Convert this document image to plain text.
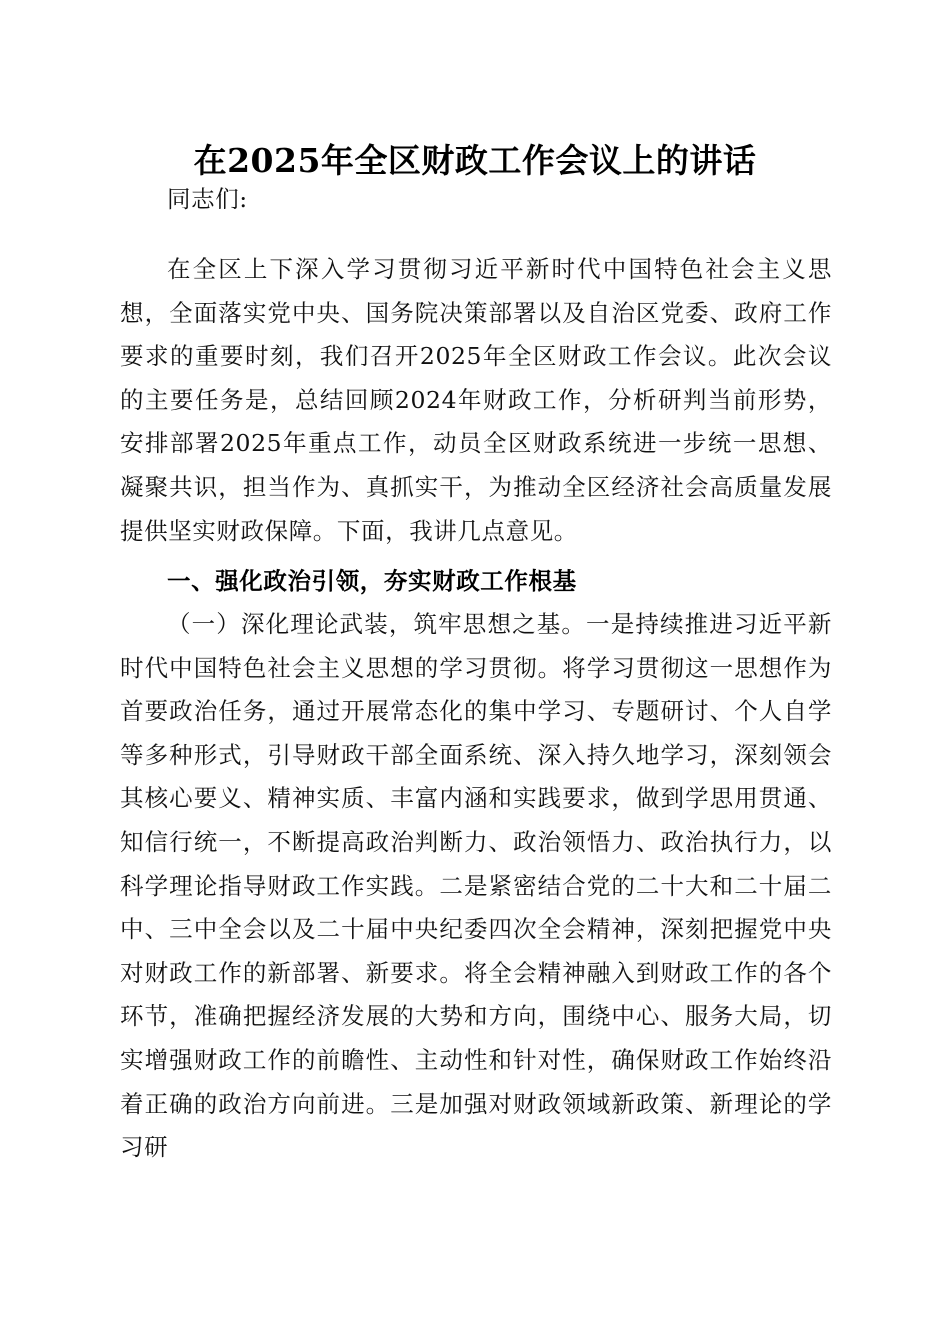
在2025年全区财政工作会议上的讲话
同志们:
在全区上下深入学习贯彻习近平新时代中国特色社会主义思想，全面落实党中央、国务院决策部署以及自治区党委、政府工作要求的重要时刻，我们召开2025年全区财政工作会议。此次会议的主要任务是，总结回顾2024年财政工作，分析研判当前形势，安排部署2025年重点工作，动员全区财政系统进一步统一思想、凝聚共识，担当作为、真抓实干，为推动全区经济社会高质量发展提供坚实财政保障。下面，我讲几点意见。
一、强化政治引领，夯实财政工作根基
（一）深化理论武装，筑牢思想之基。一是持续推进习近平新时代中国特色社会主义思想的学习贯彻。将学习贯彻这一思想作为首要政治任务，通过开展常态化的集中学习、专题研讨、个人自学等多种形式，引导财政干部全面系统、深入持久地学习，深刻领会其核心要义、精神实质、丰富内涵和实践要求，做到学思用贯通、知信行统一，不断提高政治判断力、政治领悟力、政治执行力，以科学理论指导财政工作实践。二是紧密结合党的二十大和二十届二中、三中全会以及二十届中央纪委四次全会精神，深刻把握党中央对财政工作的新部署、新要求。将全会精神融入到财政工作的各个环节，准确把握经济发展的大势和方向，围绕中心、服务大局，切实增强财政工作的前瞻性、主动性和针对性，确保财政工作始终沿着正确的政治方向前进。三是加强对财政领域新政策、新理论的学习研
